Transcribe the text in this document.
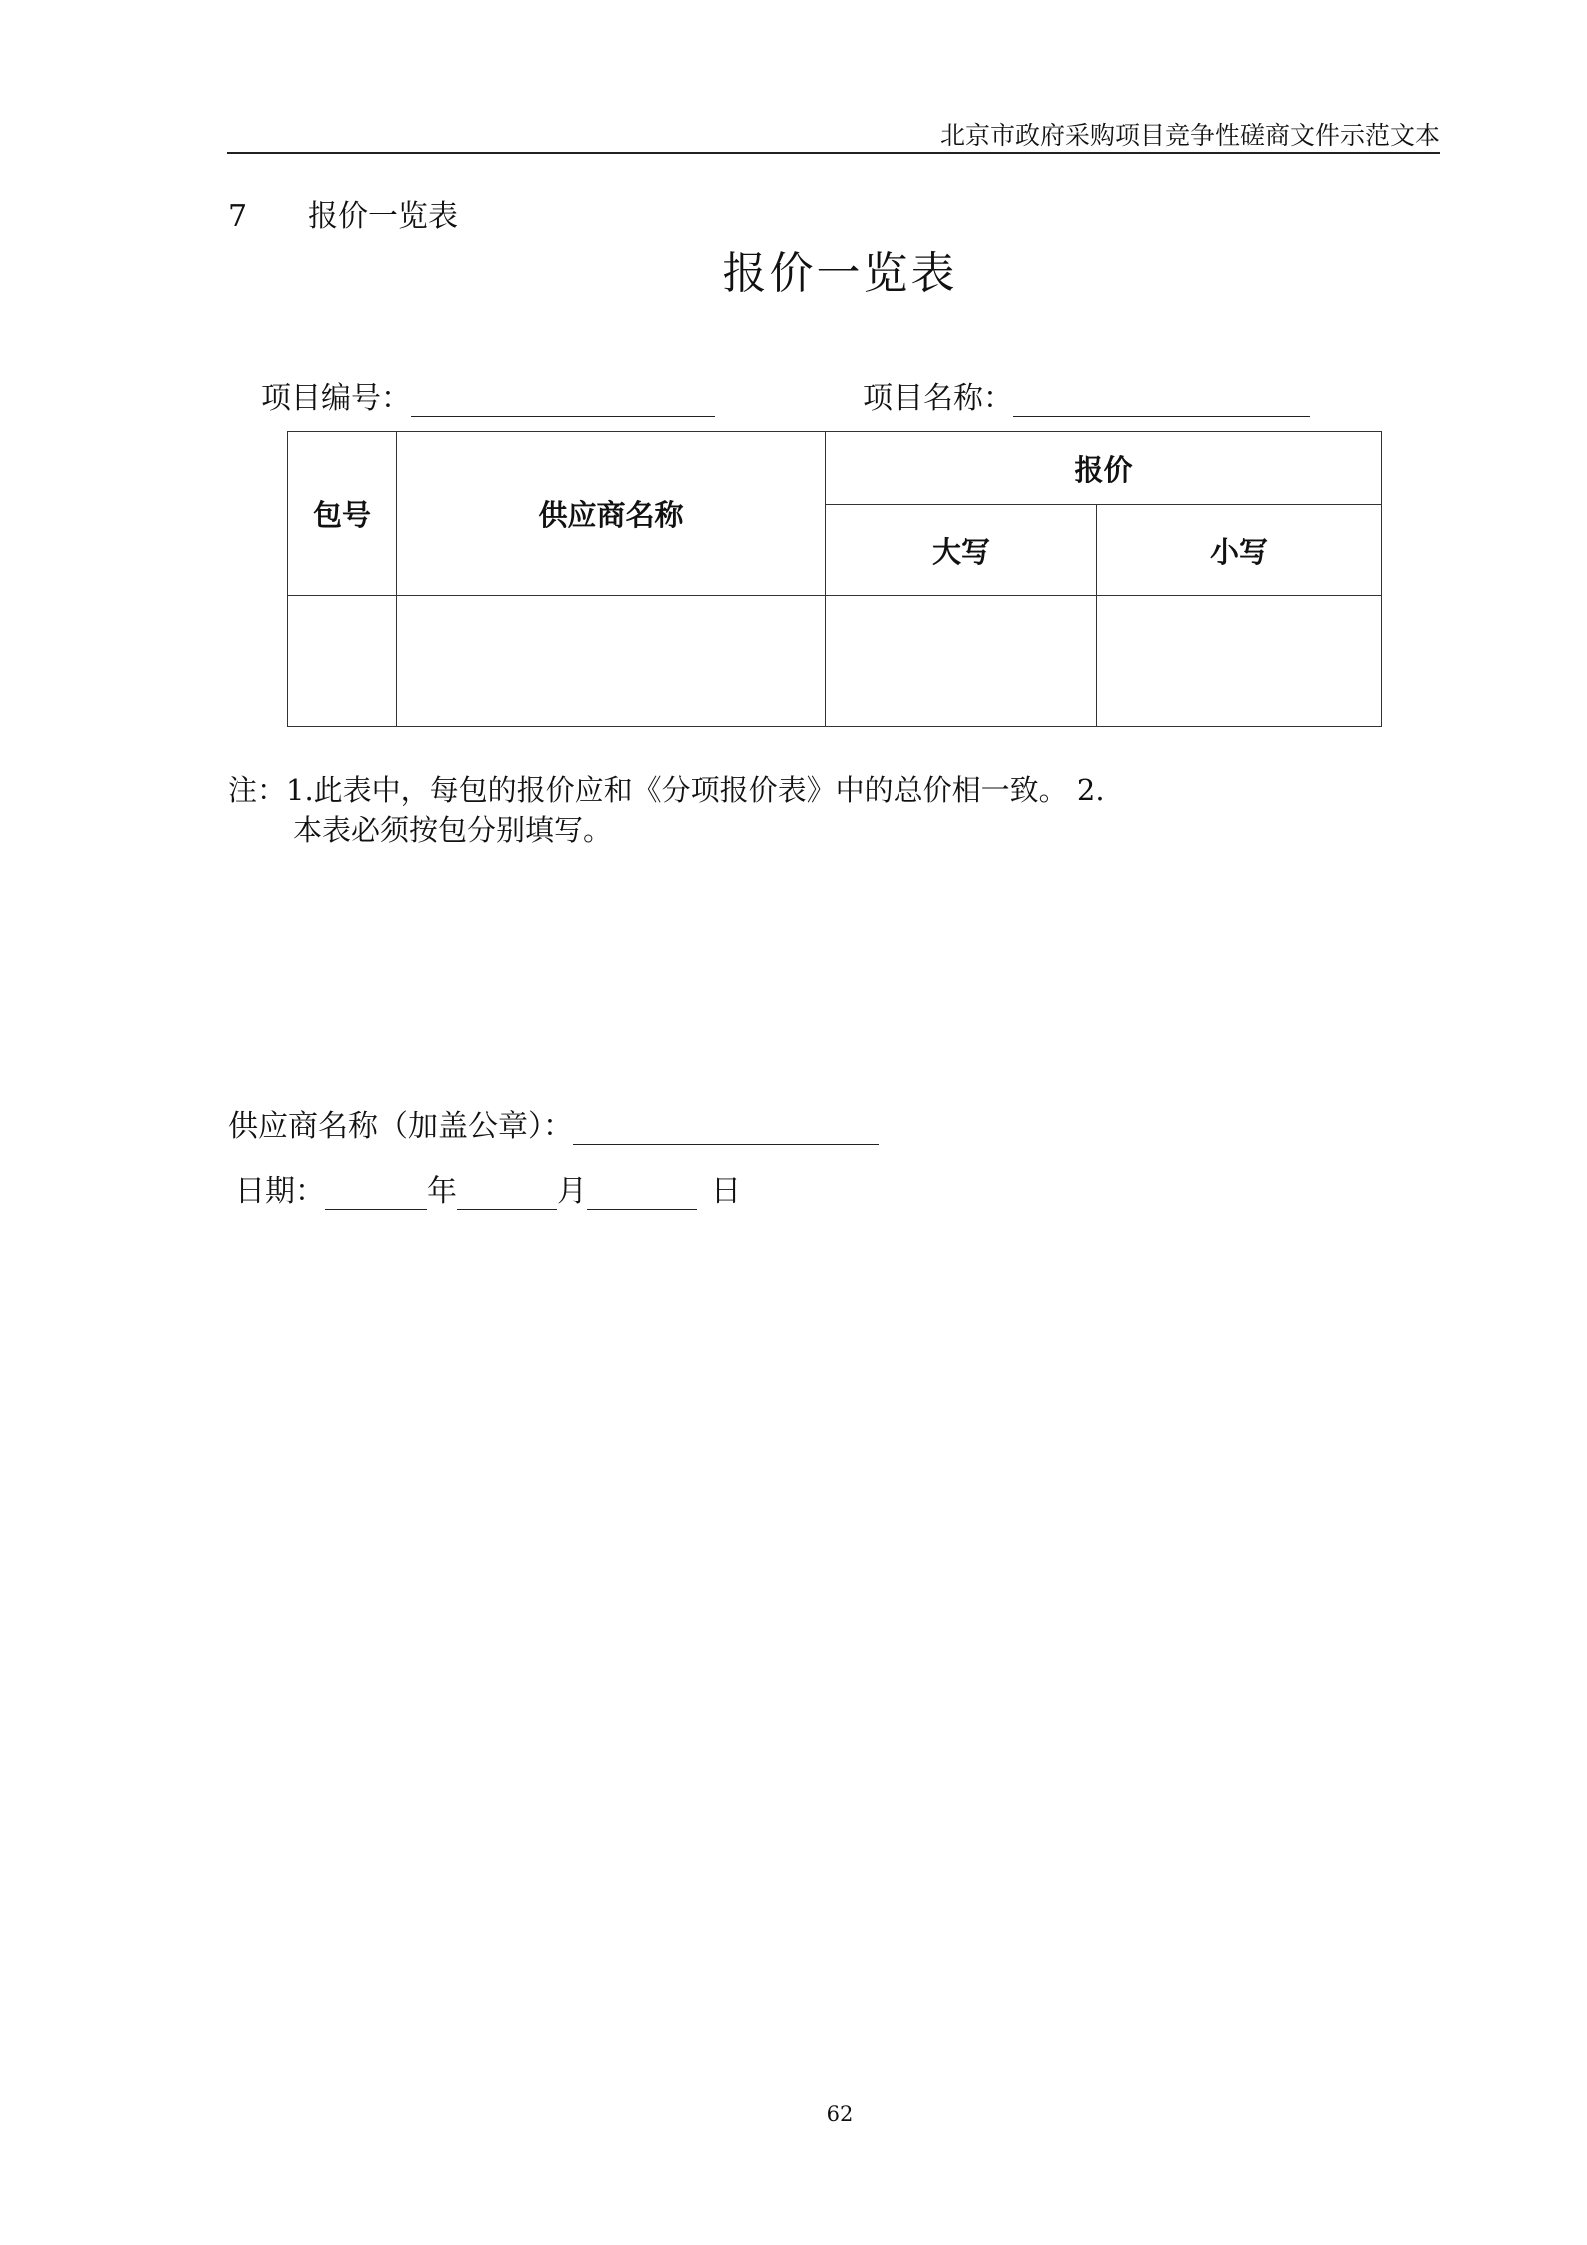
北京市政府采购项目竞争性磋商文件示范文本
7 报价一览表
报价一览表
项目编号：	项目名称：
包号	供应商名称	报价	
		大写	小写

注：1.此表中，每包的报价应和《分项报价表》中的总价相一致。 2.
本表必须按包分别填写。
供应商名称（加盖公章）：
日期：	年	月	日
62
